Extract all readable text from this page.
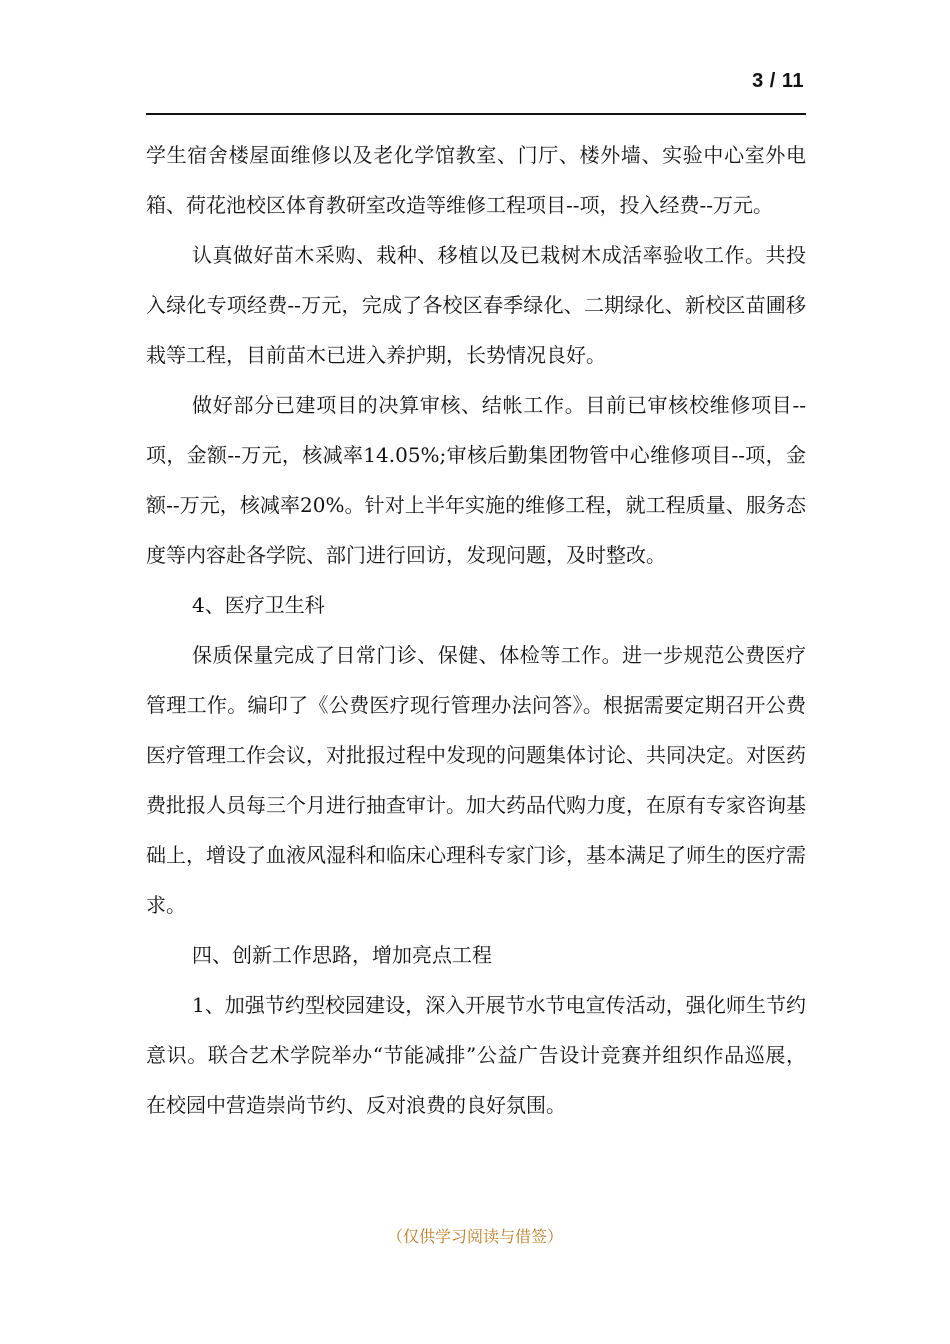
3 / 11

学生宿舍楼屋面维修以及老化学馆教室、门厅、楼外墙、实验中心室外电箱、荷花池校区体育教研室改造等维修工程项目--项，投入经费--万元。

认真做好苗木采购、栽种、移植以及已栽树木成活率验收工作。共投入绿化专项经费--万元，完成了各校区春季绿化、二期绿化、新校区苗圃移栽等工程，目前苗木已进入养护期，长势情况良好。

做好部分已建项目的决算审核、结帐工作。目前已审核校维修项目--项，金额--万元，核减率14.05%;审核后勤集团物管中心维修项目--项，金额--万元，核减率20%。针对上半年实施的维修工程，就工程质量、服务态度等内容赴各学院、部门进行回访，发现问题，及时整改。

4、医疗卫生科

保质保量完成了日常门诊、保健、体检等工作。进一步规范公费医疗管理工作。编印了《公费医疗现行管理办法问答》。根据需要定期召开公费医疗管理工作会议，对批报过程中发现的问题集体讨论、共同决定。对医药费批报人员每三个月进行抽查审计。加大药品代购力度，在原有专家咨询基础上，增设了血液风湿科和临床心理科专家门诊，基本满足了师生的医疗需求。

四、创新工作思路，增加亮点工程

1、加强节约型校园建设，深入开展节水节电宣传活动，强化师生节约意识。联合艺术学院举办“节能减排”公益广告设计竞赛并组织作品巡展，在校园中营造崇尚节约、反对浪费的良好氛围。

（仅供学习阅读与借签）
